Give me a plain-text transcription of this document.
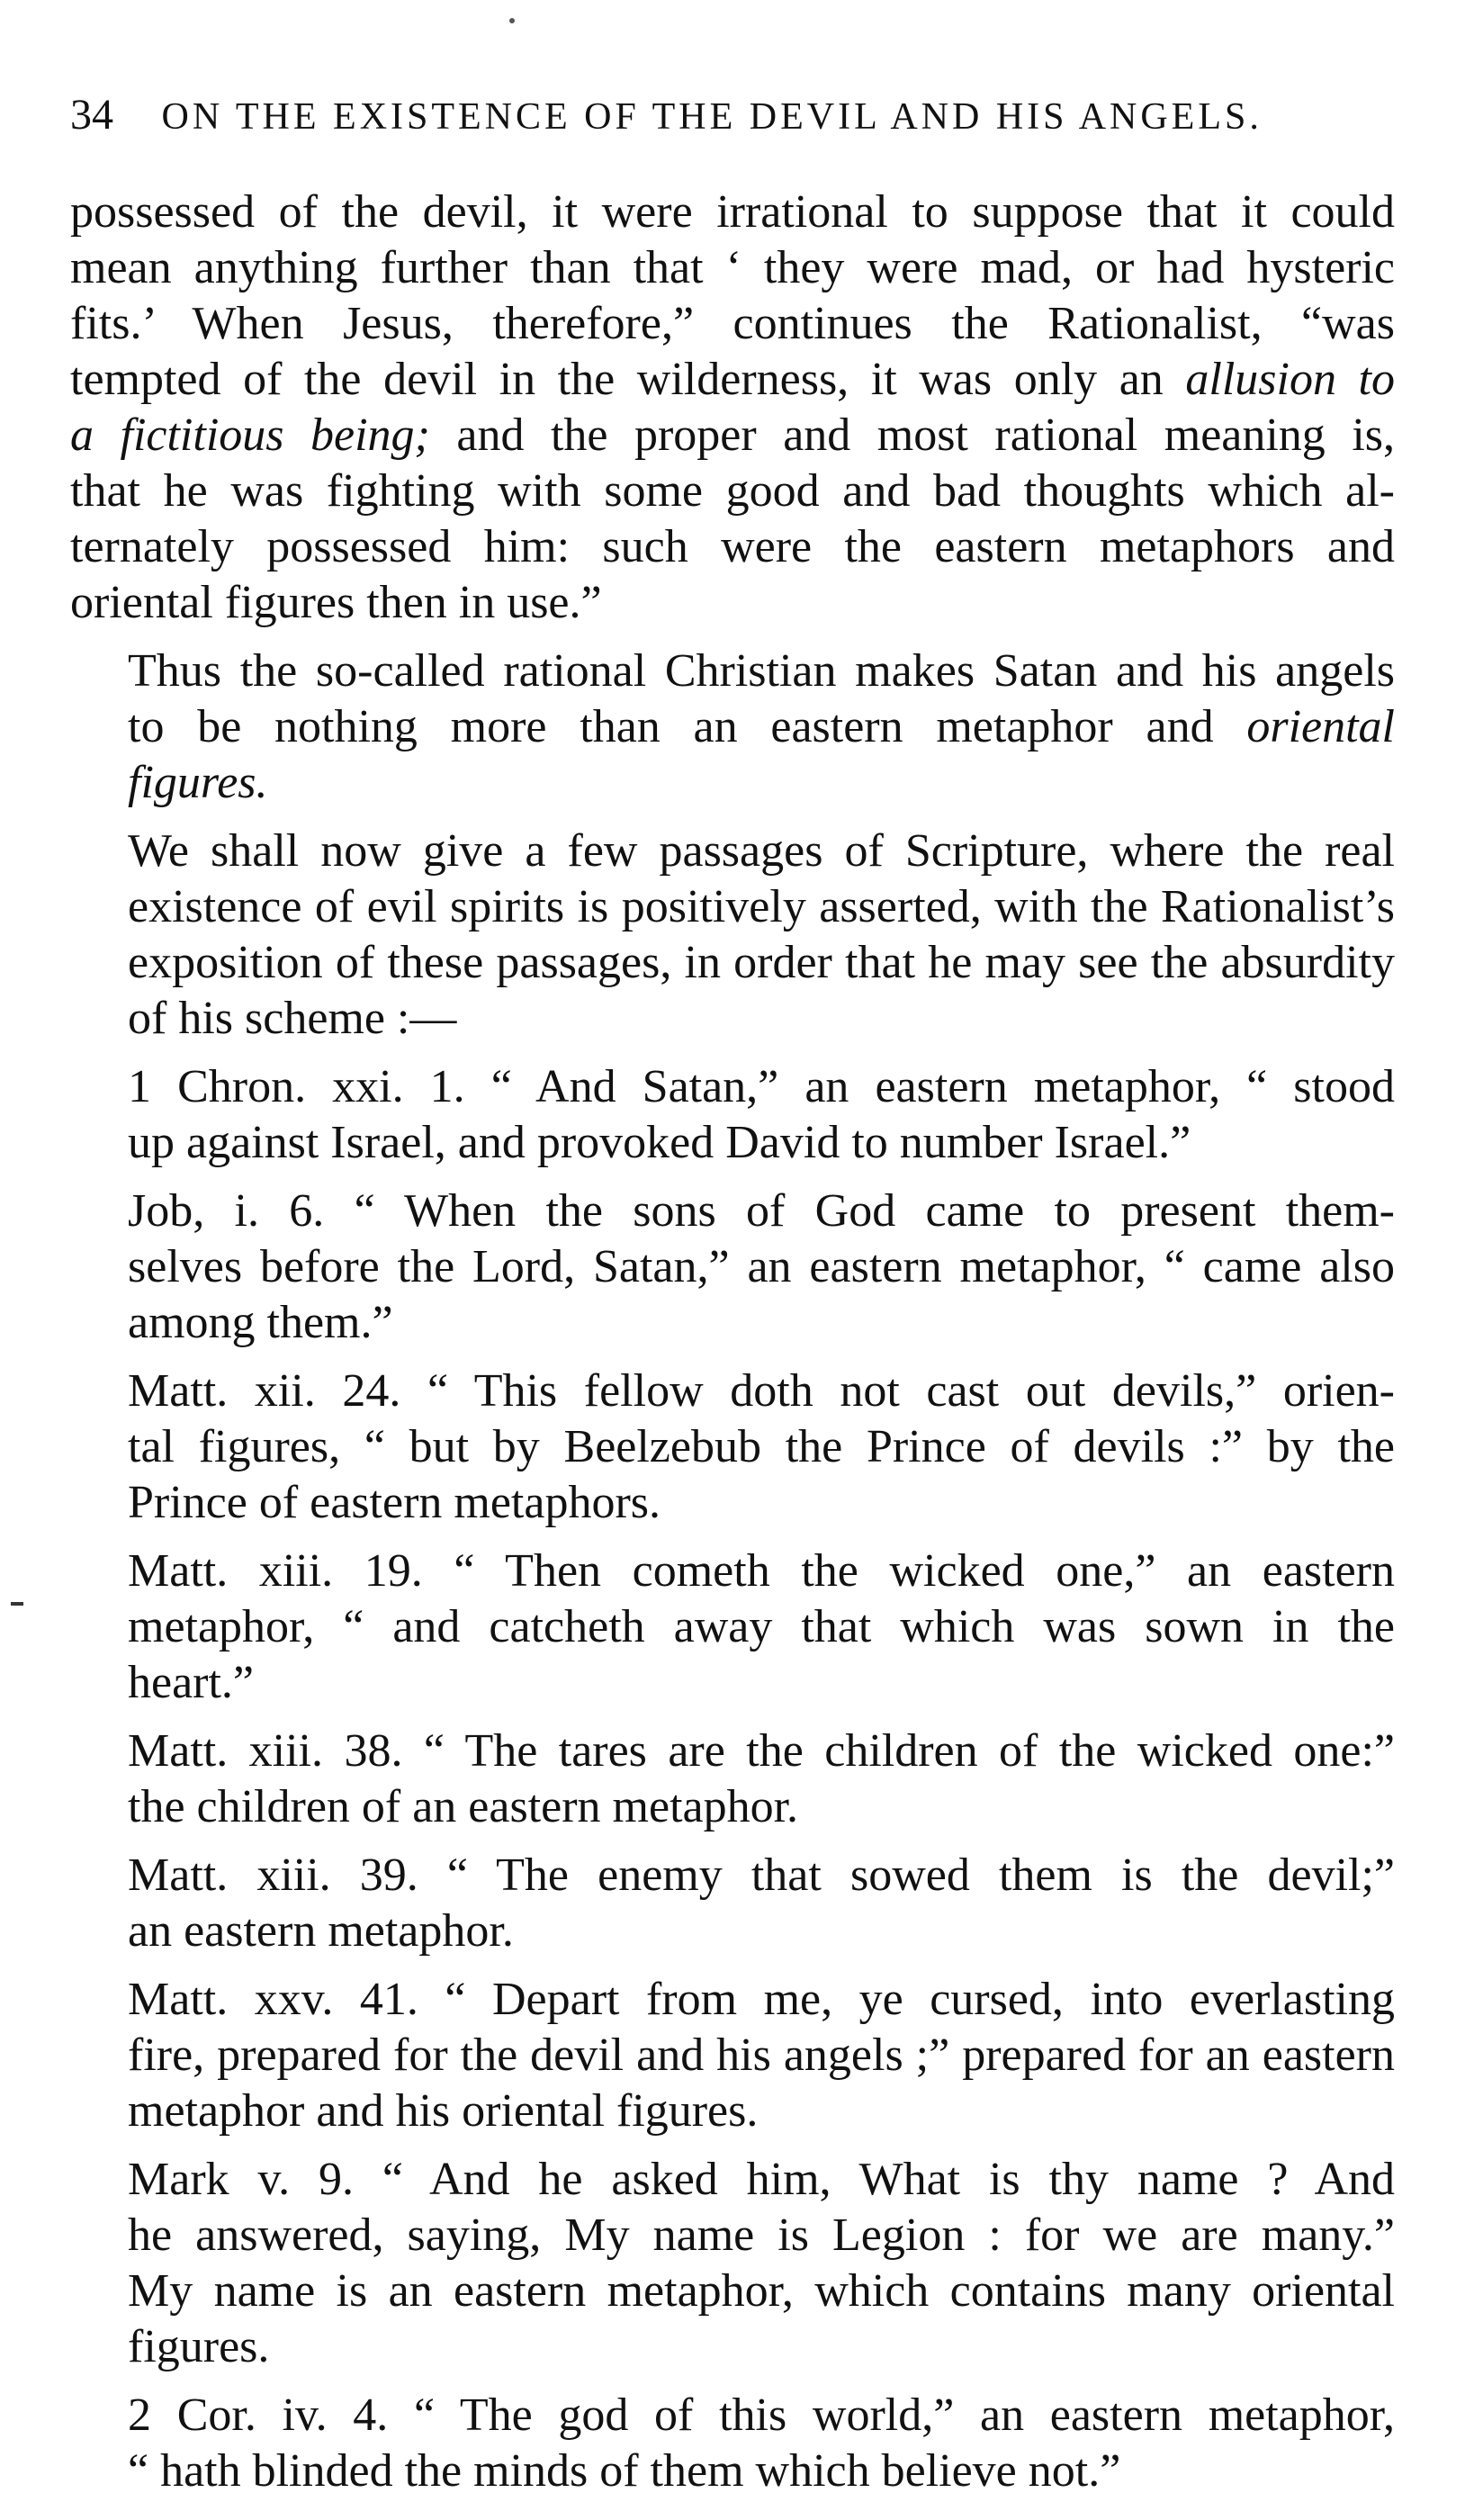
34 ON THE EXISTENCE OF THE DEVIL AND HIS ANGELS.
possessed of the devil, it were irrational to suppose that it could
mean anything further than that ‘ they were mad, or had hysteric
fits.’ When Jesus, therefore,” continues the Rationalist, “was
tempted of the devil in the wilderness, it was only an allusion to
a fictitious being; and the proper and most rational meaning is,
that he was fighting with some good and bad thoughts which al-
ternately possessed him: such were the eastern metaphors and
oriental figures then in use.”
Thus the so-called rational Christian makes Satan and his angels
to be nothing more than an eastern metaphor and oriental
figures.
We shall now give a few passages of Scripture, where the real
existence of evil spirits is positively asserted, with the Rationalist’s
exposition of these passages, in order that he may see the absurdity
of his scheme :—
1 Chron. xxi. 1. “ And Satan,” an eastern metaphor, “ stood
up against Israel, and provoked David to number Israel.”
Job, i. 6. “ When the sons of God came to present them-
selves before the Lord, Satan,” an eastern metaphor, “ came also
among them.”
Matt. xii. 24. “ This fellow doth not cast out devils,” orien-
tal figures, “ but by Beelzebub the Prince of devils :” by the
Prince of eastern metaphors.
Matt. xiii. 19. “ Then cometh the wicked one,” an eastern
metaphor, “ and catcheth away that which was sown in the
heart.”
Matt. xiii. 38. “ The tares are the children of the wicked one:”
the children of an eastern metaphor.
Matt. xiii. 39. “ The enemy that sowed them is the devil;”
an eastern metaphor.
Matt. xxv. 41. “ Depart from me, ye cursed, into everlasting
fire, prepared for the devil and his angels ;” prepared for an eastern
metaphor and his oriental figures.
Mark v. 9. “ And he asked him, What is thy name ? And
he answered, saying, My name is Legion : for we are many.”
My name is an eastern metaphor, which contains many oriental
figures.
2 Cor. iv. 4. “ The god of this world,” an eastern metaphor,
“ hath blinded the minds of them which believe not.”
